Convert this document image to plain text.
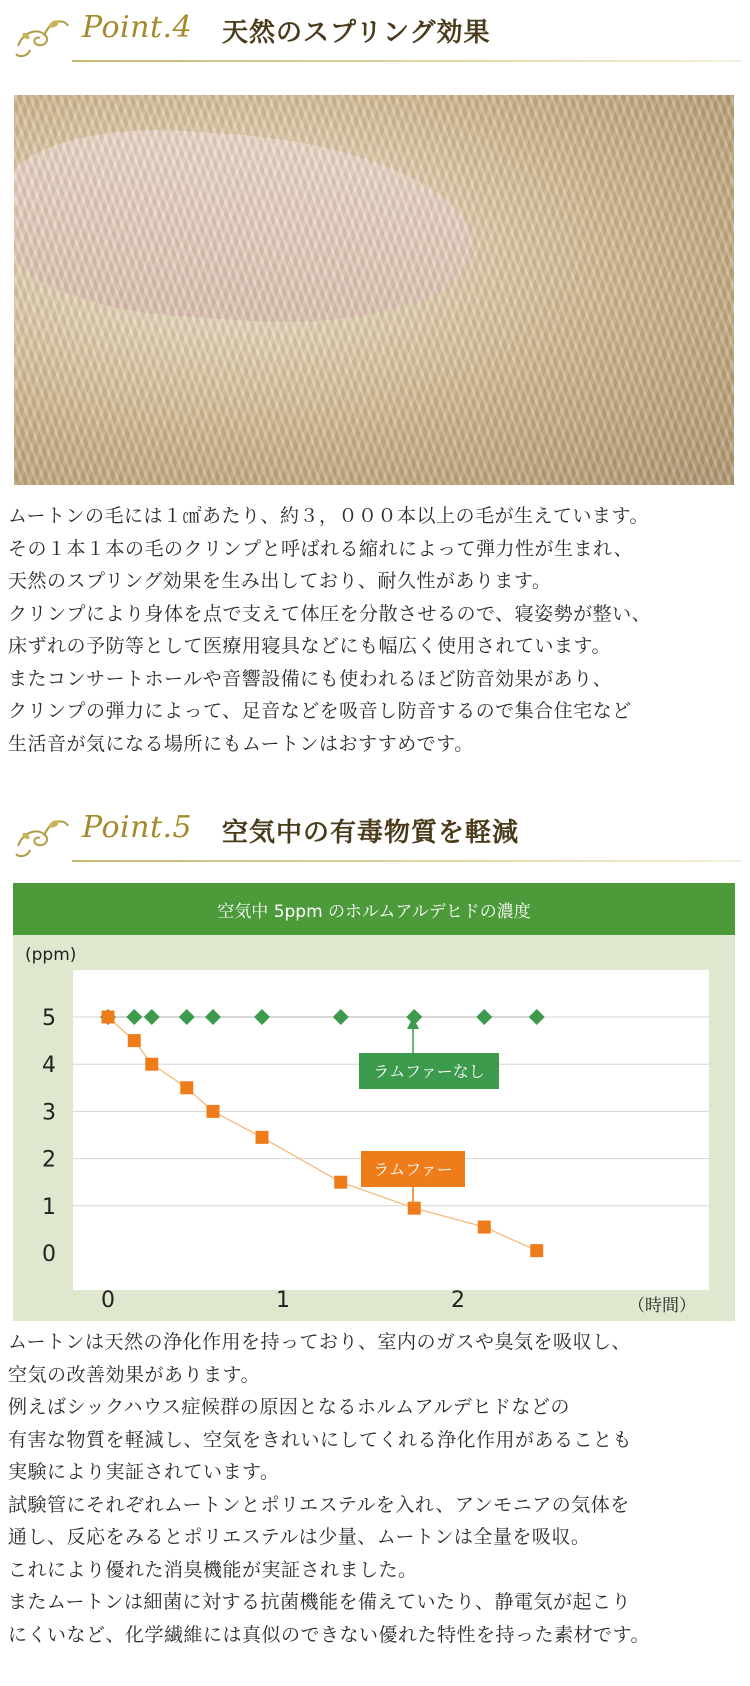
Point.4 天然のスプリング効果
ムートンの毛には１㎠あたり、約３，０００本以上の毛が生えています。
その１本１本の毛のクリンプと呼ばれる縮れによって弾力性が生まれ、
天然のスプリング効果を生み出しており、耐久性があります。
クリンプにより身体を点で支えて体圧を分散させるので、寝姿勢が整い、
床ずれの予防等として医療用寝具などにも幅広く使用されています。
またコンサートホールや音響設備にも使われるほど防音効果があり、
クリンプの弾力によって、足音などを吸音し防音するので集合住宅など
生活音が気になる場所にもムートンはおすすめです。
Point.5 空気中の有毒物質を軽減
空気中 5ppm のホルムアルデヒドの濃度
0
1
2
3
4
5
0	1	2
(ppm)
（時間）
ラムファーなし
ラムファー
ムートンは天然の浄化作用を持っており、室内のガスや臭気を吸収し、
空気の改善効果があります。
例えばシックハウス症候群の原因となるホルムアルデヒドなどの
有害な物質を軽減し、空気をきれいにしてくれる浄化作用があることも
実験により実証されています。
試験管にそれぞれムートンとポリエステルを入れ、アンモニアの気体を
通し、反応をみるとポリエステルは少量、ムートンは全量を吸収。
これにより優れた消臭機能が実証されました。
またムートンは細菌に対する抗菌機能を備えていたり、静電気が起こり
にくいなど、化学繊維には真似のできない優れた特性を持った素材です。
